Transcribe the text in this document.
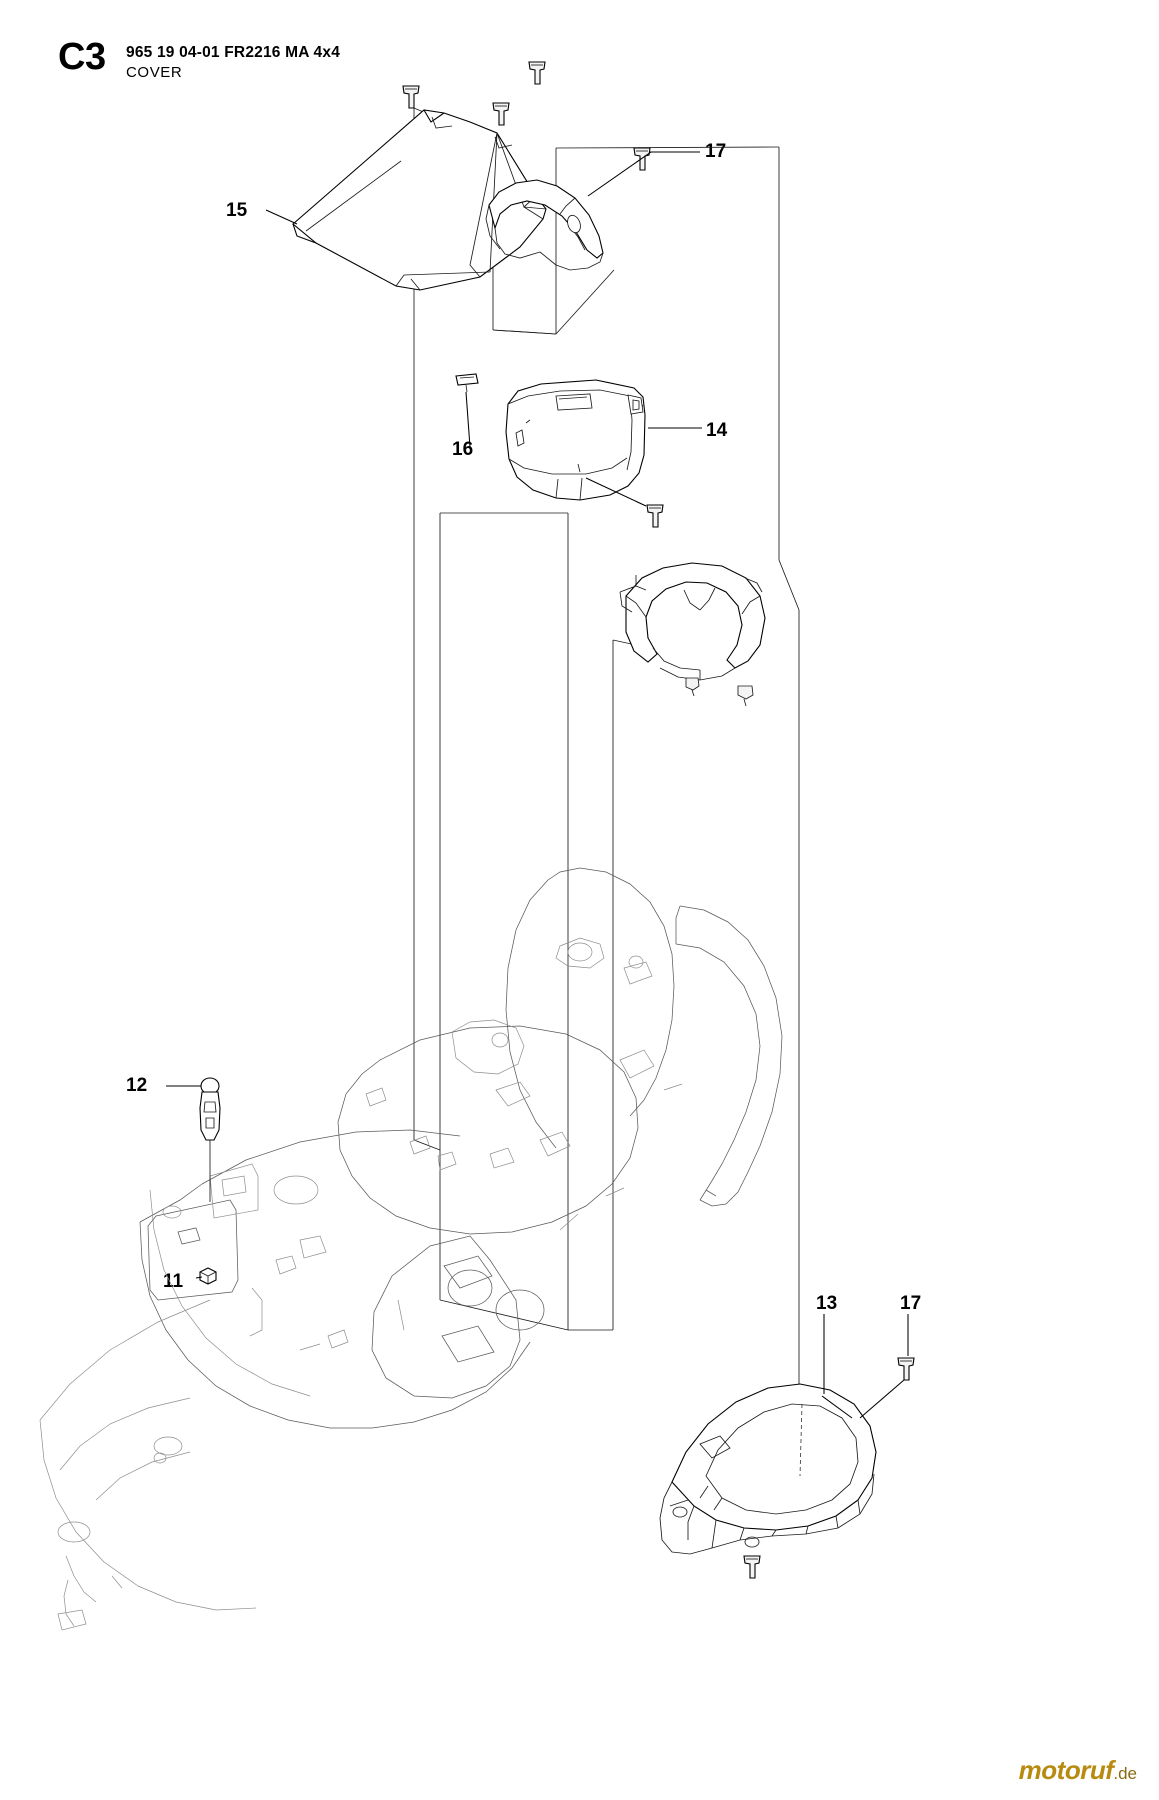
C3 965 19 04-01 FR2216 MA 4x4
COVER
15
17
16
14
12
11
13	17
motoruf.de
